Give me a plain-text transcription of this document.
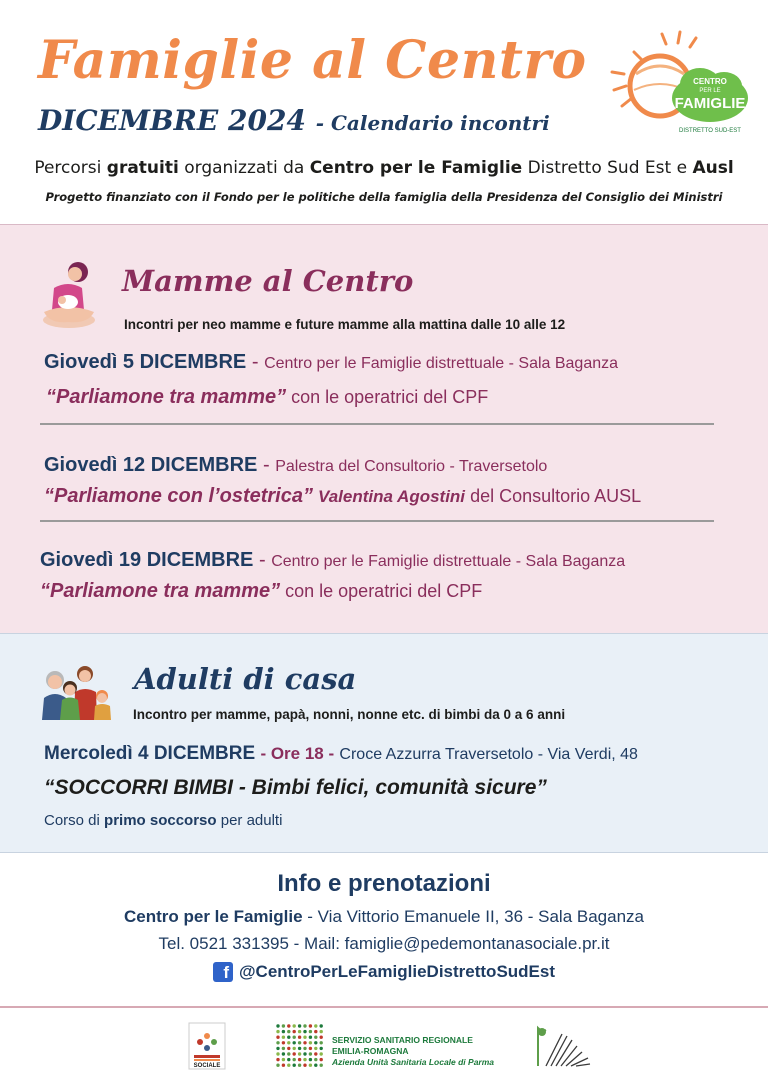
Famiglie al Centro
DICEMBRE 2024 - Calendario incontri
CENTRO
PER LE
FAMIGLIE
DISTRETTO SUD-EST
Percorsi gratuiti organizzati da Centro per le Famiglie Distretto Sud Est e Ausl
Progetto finanziato con il Fondo per le politiche della famiglia della Presidenza del Consiglio dei Ministri
Mamme al Centro
Incontri per neo mamme e future mamme alla mattina dalle 10 alle 12
Giovedì 5 DICEMBRE - Centro per le Famiglie distrettuale - Sala Baganza
“Parliamone tra mamme” con le operatrici del CPF
Giovedì 12 DICEMBRE - Palestra del Consultorio - Traversetolo
“Parliamone con l’ostetrica” Valentina Agostini del Consultorio AUSL
Giovedì 19 DICEMBRE - Centro per le Famiglie distrettuale - Sala Baganza
“Parliamone tra mamme” con le operatrici del CPF
Adulti di casa
Incontro per mamme, papà, nonni, nonne etc. di bimbi da 0 a 6 anni
Mercoledì 4 DICEMBRE - Ore 18 - Croce Azzurra Traversetolo - Via Verdi, 48
“SOCCORRI BIMBI - Bimbi felici, comunità sicure”
Corso di primo soccorso per adulti
Info e prenotazioni
Centro per le Famiglie - Via Vittorio Emanuele II, 36 - Sala Baganza
Tel. 0521 331395 - Mail: famiglie@pedemontanasociale.pr.it
f @CentroPerLeFamiglieDistrettoSudEst
SOCIALE
SERVIZIO SANITARIO REGIONALE
EMILIA-ROMAGNA
Azienda Unità Sanitaria Locale di Parma
